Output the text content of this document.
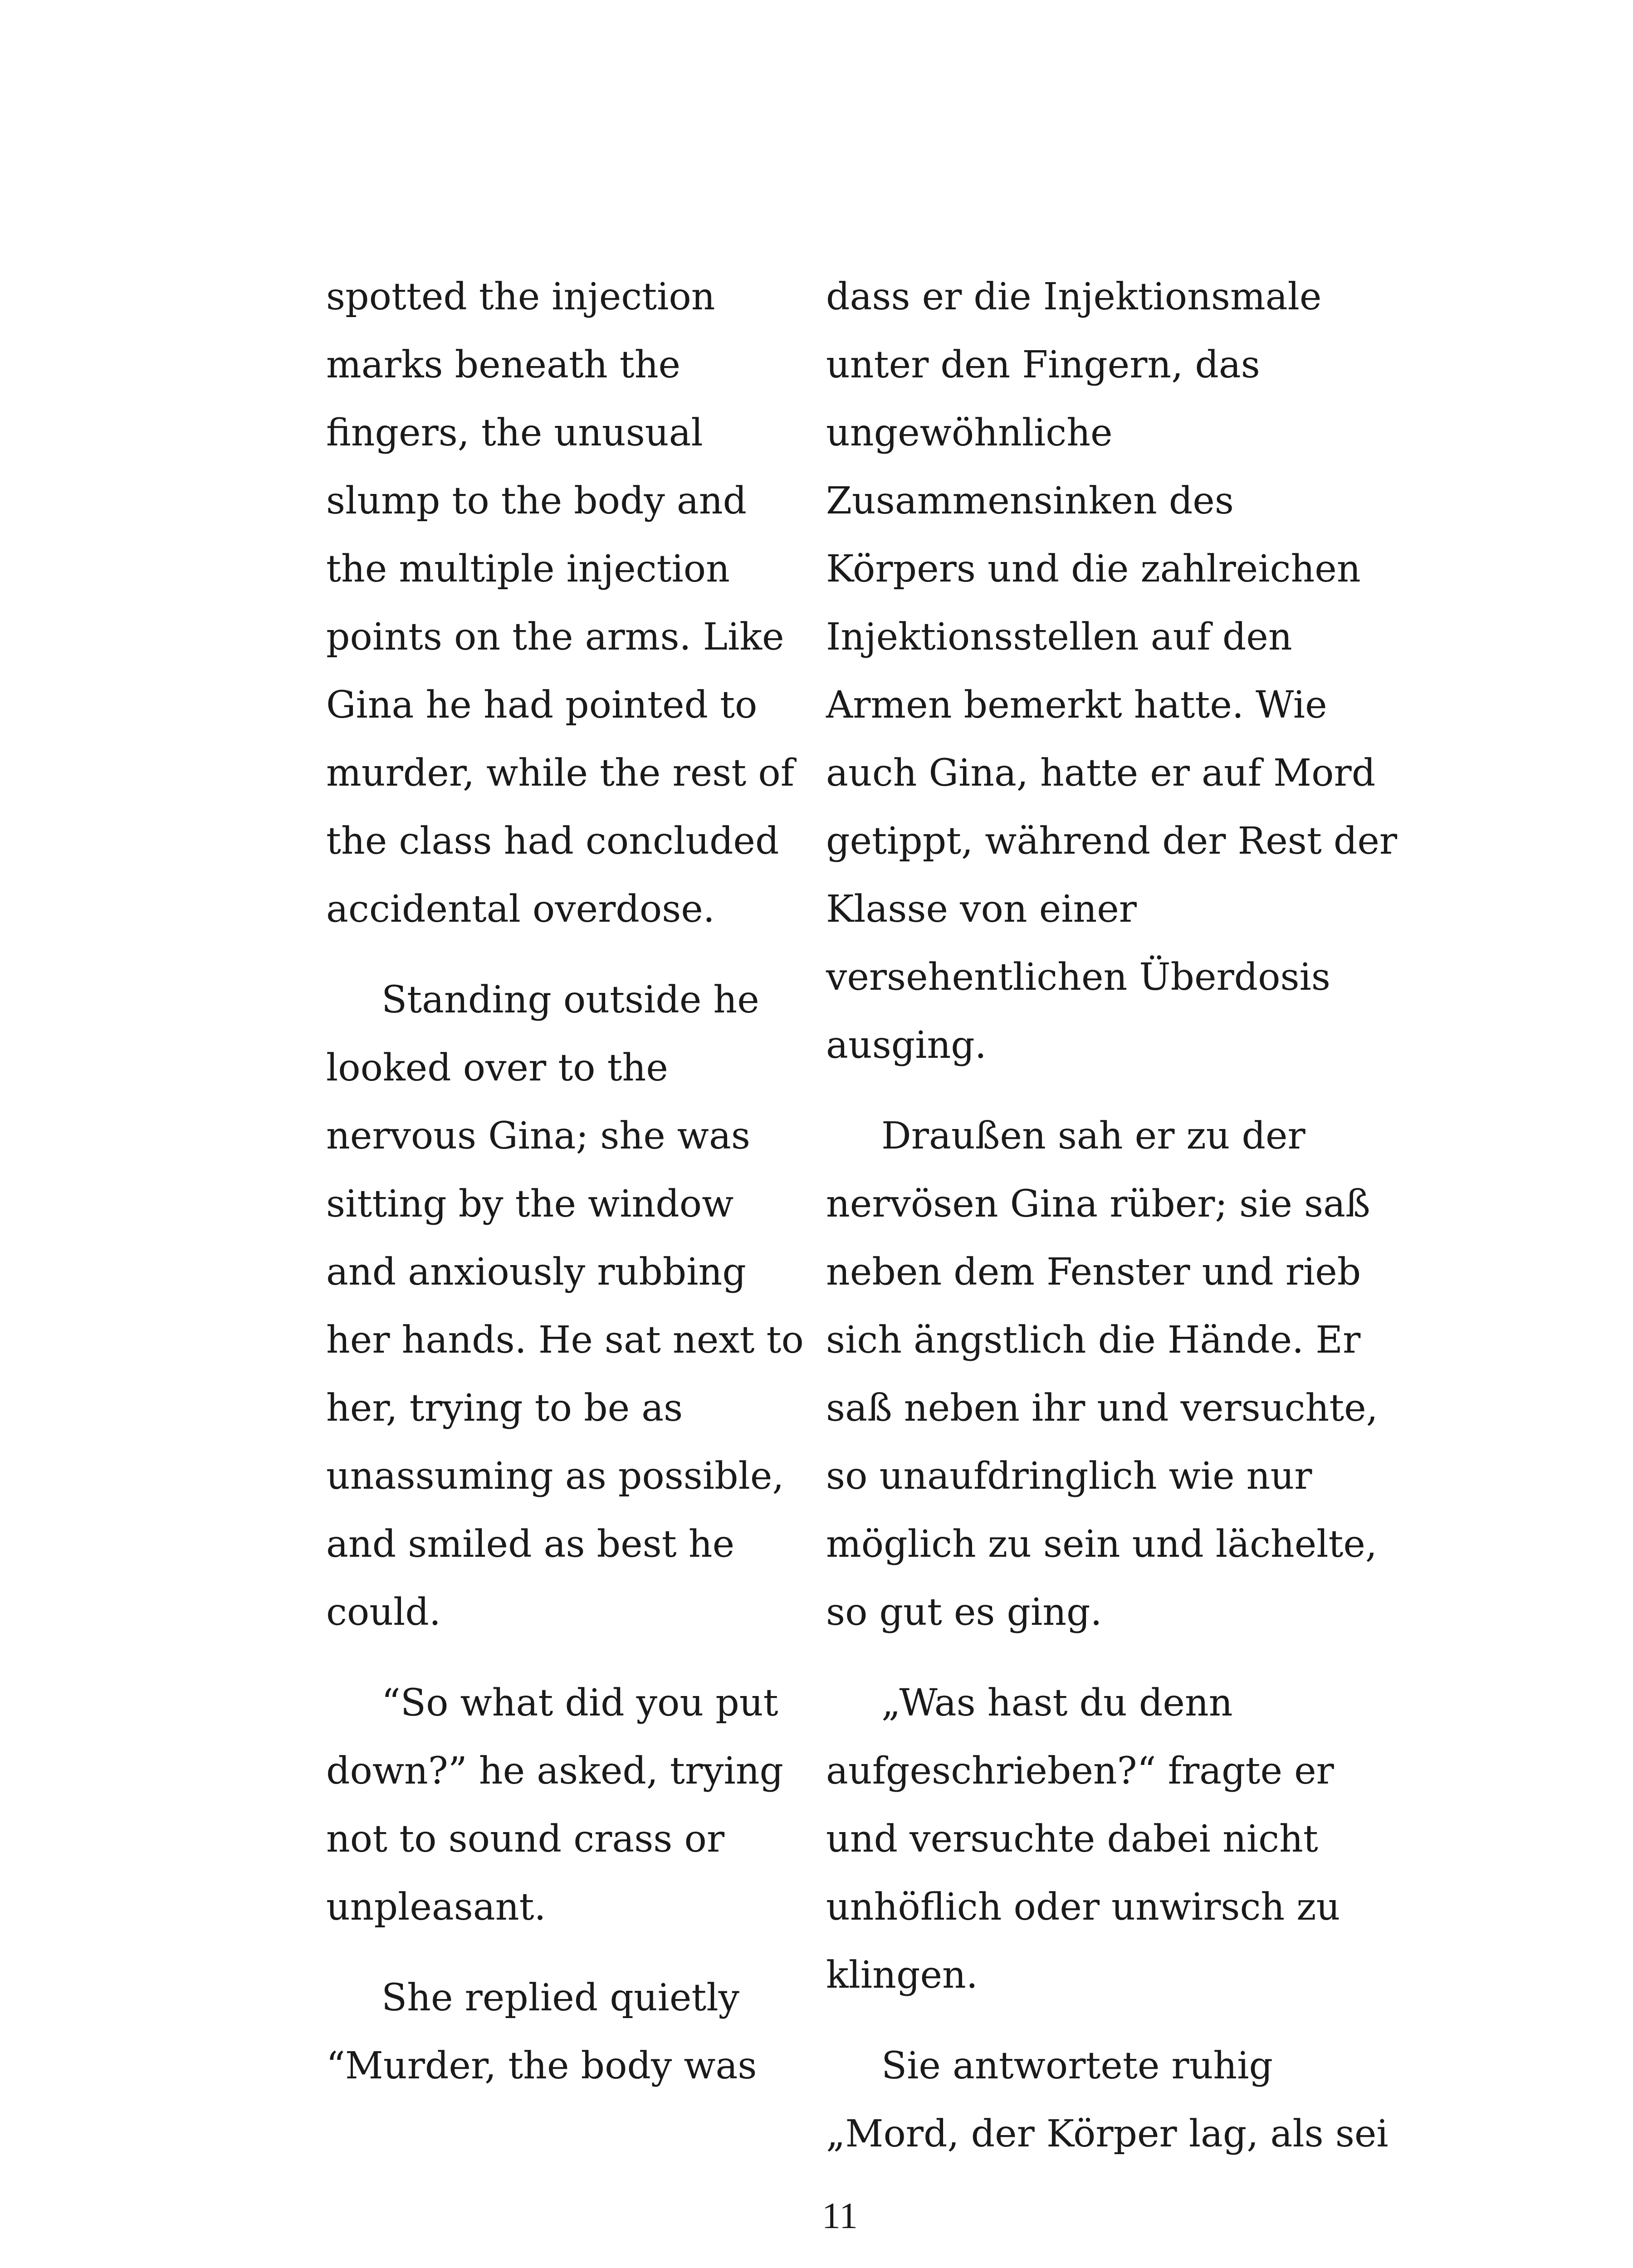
spotted the injection
marks beneath the
fingers, the unusual
slump to the body and
the multiple injection
points on the arms. Like
Gina he had pointed to
murder, while the rest of
the class had concluded
accidental overdose.

Standing outside he
looked over to the
nervous Gina; she was
sitting by the window
and anxiously rubbing
her hands. He sat next to
her, trying to be as
unassuming as possible,
and smiled as best he
could.

“So what did you put
down?” he asked, trying
not to sound crass or
unpleasant.

She replied quietly
“Murder, the body was

dass er die Injektionsmale
unter den Fingern, das
ungewöhnliche
Zusammensinken des
Körpers und die zahlreichen
Injektionsstellen auf den
Armen bemerkt hatte. Wie
auch Gina, hatte er auf Mord
getippt, während der Rest der
Klasse von einer
versehentlichen Überdosis
ausging.

Draußen sah er zu der
nervösen Gina rüber; sie saß
neben dem Fenster und rieb
sich ängstlich die Hände. Er
saß neben ihr und versuchte,
so unaufdringlich wie nur
möglich zu sein und lächelte,
so gut es ging.

„Was hast du denn
aufgeschrieben?“ fragte er
und versuchte dabei nicht
unhöflich oder unwirsch zu
klingen.

Sie antwortete ruhig
„Mord, der Körper lag, als sei

11
